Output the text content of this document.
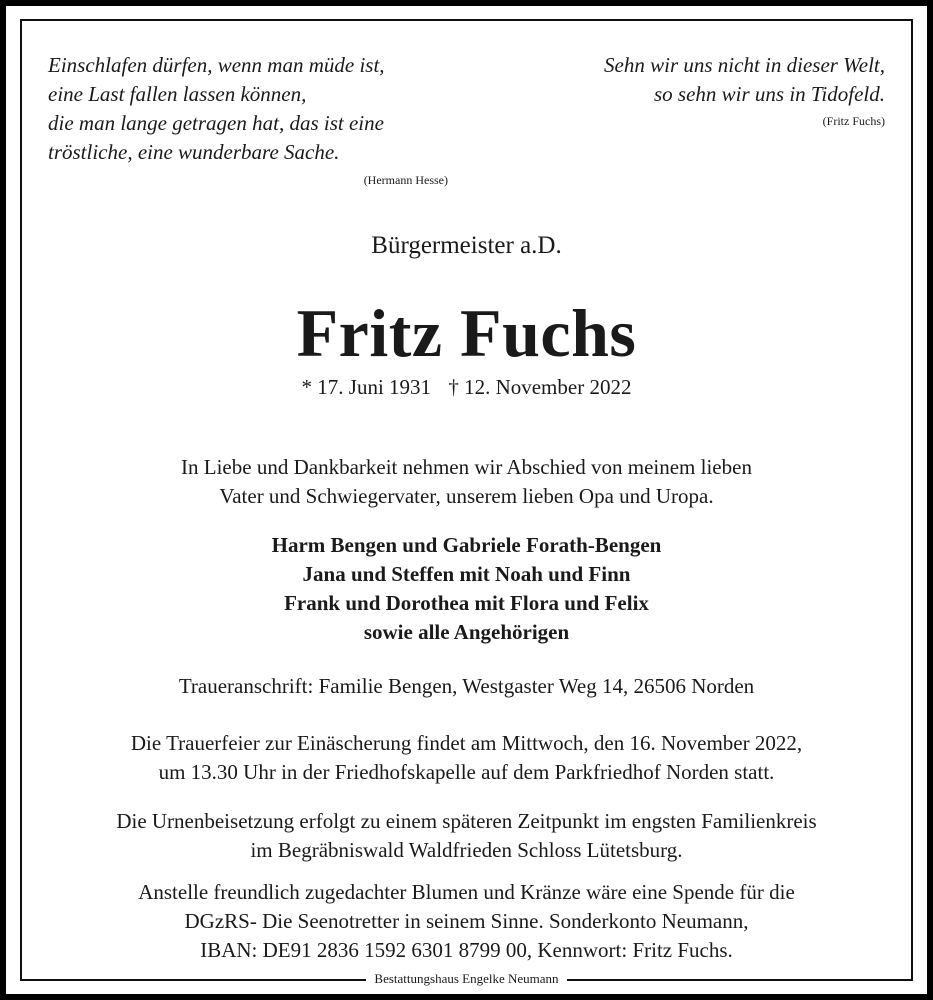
Einschlafen dürfen, wenn man müde ist,
eine Last fallen lassen können,
die man lange getragen hat, das ist eine
tröstliche, eine wunderbare Sache.
(Hermann Hesse)
Sehn wir uns nicht in dieser Welt,
so sehn wir uns in Tidofeld.
(Fritz Fuchs)
Bürgermeister a.D.
Fritz Fuchs
* 17. Juni 1931 † 12. November 2022
In Liebe und Dankbarkeit nehmen wir Abschied von meinem lieben
Vater und Schwiegervater, unserem lieben Opa und Uropa.
Harm Bengen und Gabriele Forath-Bengen
Jana und Steffen mit Noah und Finn
Frank und Dorothea mit Flora und Felix
sowie alle Angehörigen
Traueranschrift: Familie Bengen, Westgaster Weg 14, 26506 Norden
Die Trauerfeier zur Einäscherung findet am Mittwoch, den 16. November 2022,
um 13.30 Uhr in der Friedhofskapelle auf dem Parkfriedhof Norden statt.
Die Urnenbeisetzung erfolgt zu einem späteren Zeitpunkt im engsten Familienkreis
im Begräbniswald Waldfrieden Schloss Lütetsburg.
Anstelle freundlich zugedachter Blumen und Kränze wäre eine Spende für die
DGzRS- Die Seenotretter in seinem Sinne. Sonderkonto Neumann,
IBAN: DE91 2836 1592 6301 8799 00, Kennwort: Fritz Fuchs.
Bestattungshaus Engelke Neumann
